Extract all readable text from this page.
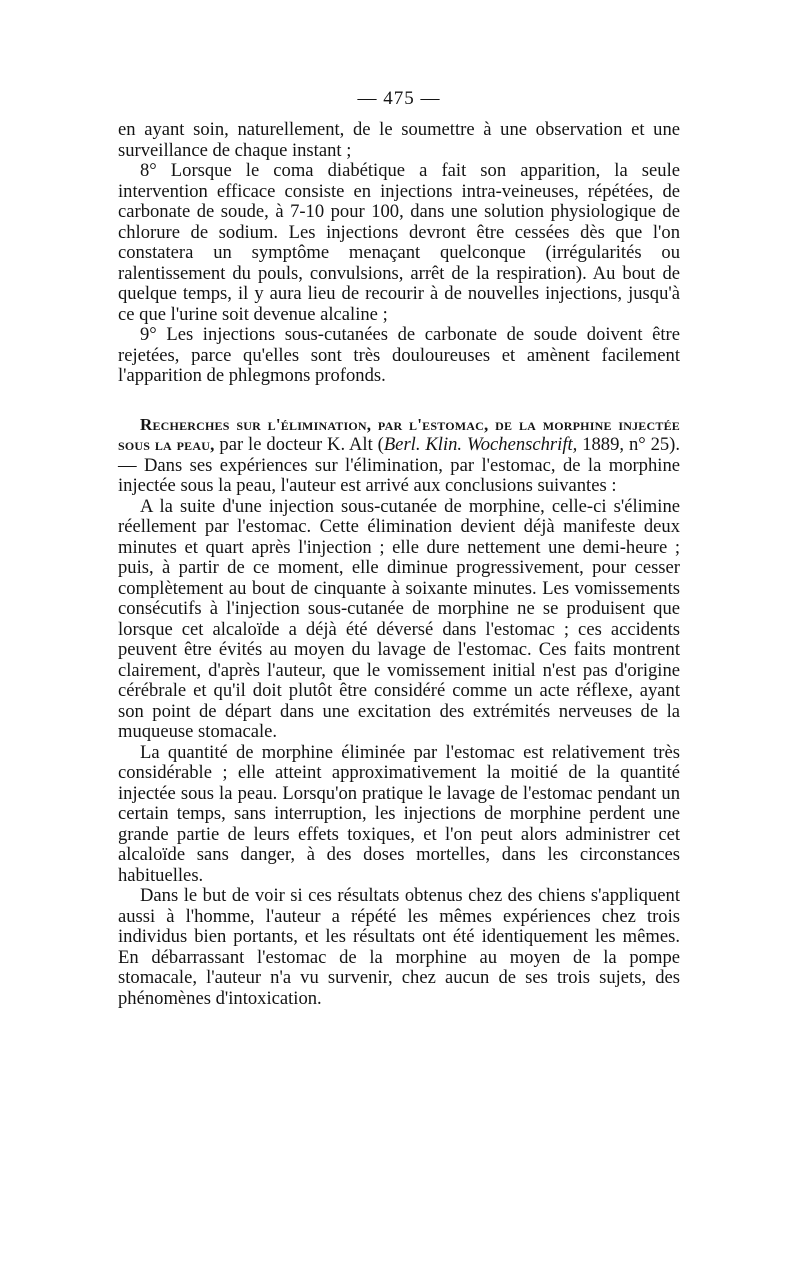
— 475 —

en ayant soin, naturellement, de le soumettre à une observation et une surveillance de chaque instant ;

8° Lorsque le coma diabétique a fait son apparition, la seule intervention efficace consiste en injections intra-veineuses, répétées, de carbonate de soude, à 7-10 pour 100, dans une solution physiologique de chlorure de sodium. Les injections devront être cessées dès que l'on constatera un symptôme menaçant quelconque (irrégularités ou ralentissement du pouls, convulsions, arrêt de la respiration). Au bout de quelque temps, il y aura lieu de recourir à de nouvelles injections, jusqu'à ce que l'urine soit devenue alcaline ;

9° Les injections sous-cutanées de carbonate de soude doivent être rejetées, parce qu'elles sont très douloureuses et amènent facilement l'apparition de phlegmons profonds.

Recherches sur l'élimination, par l'estomac, de la morphine injectée sous la peau, par le docteur K. Alt (Berl. Klin. Wochenschrift, 1889, n° 25). — Dans ses expériences sur l'élimination, par l'estomac, de la morphine injectée sous la peau, l'auteur est arrivé aux conclusions suivantes :

A la suite d'une injection sous-cutanée de morphine, celle-ci s'élimine réellement par l'estomac. Cette élimination devient déjà manifeste deux minutes et quart après l'injection ; elle dure nettement une demi-heure ; puis, à partir de ce moment, elle diminue progressivement, pour cesser complètement au bout de cinquante à soixante minutes. Les vomissements consécutifs à l'injection sous-cutanée de morphine ne se produisent que lorsque cet alcaloïde a déjà été déversé dans l'estomac ; ces accidents peuvent être évités au moyen du lavage de l'estomac. Ces faits montrent clairement, d'après l'auteur, que le vomissement initial n'est pas d'origine cérébrale et qu'il doit plutôt être considéré comme un acte réflexe, ayant son point de départ dans une excitation des extrémités nerveuses de la muqueuse stomacale.

La quantité de morphine éliminée par l'estomac est relativement très considérable ; elle atteint approximativement la moitié de la quantité injectée sous la peau. Lorsqu'on pratique le lavage de l'estomac pendant un certain temps, sans interruption, les injections de morphine perdent une grande partie de leurs effets toxiques, et l'on peut alors administrer cet alcaloïde sans danger, à des doses mortelles, dans les circonstances habituelles.

Dans le but de voir si ces résultats obtenus chez des chiens s'appliquent aussi à l'homme, l'auteur a répété les mêmes expériences chez trois individus bien portants, et les résultats ont été identiquement les mêmes. En débarrassant l'estomac de la morphine au moyen de la pompe stomacale, l'auteur n'a vu survenir, chez aucun de ses trois sujets, des phénomènes d'intoxication.
